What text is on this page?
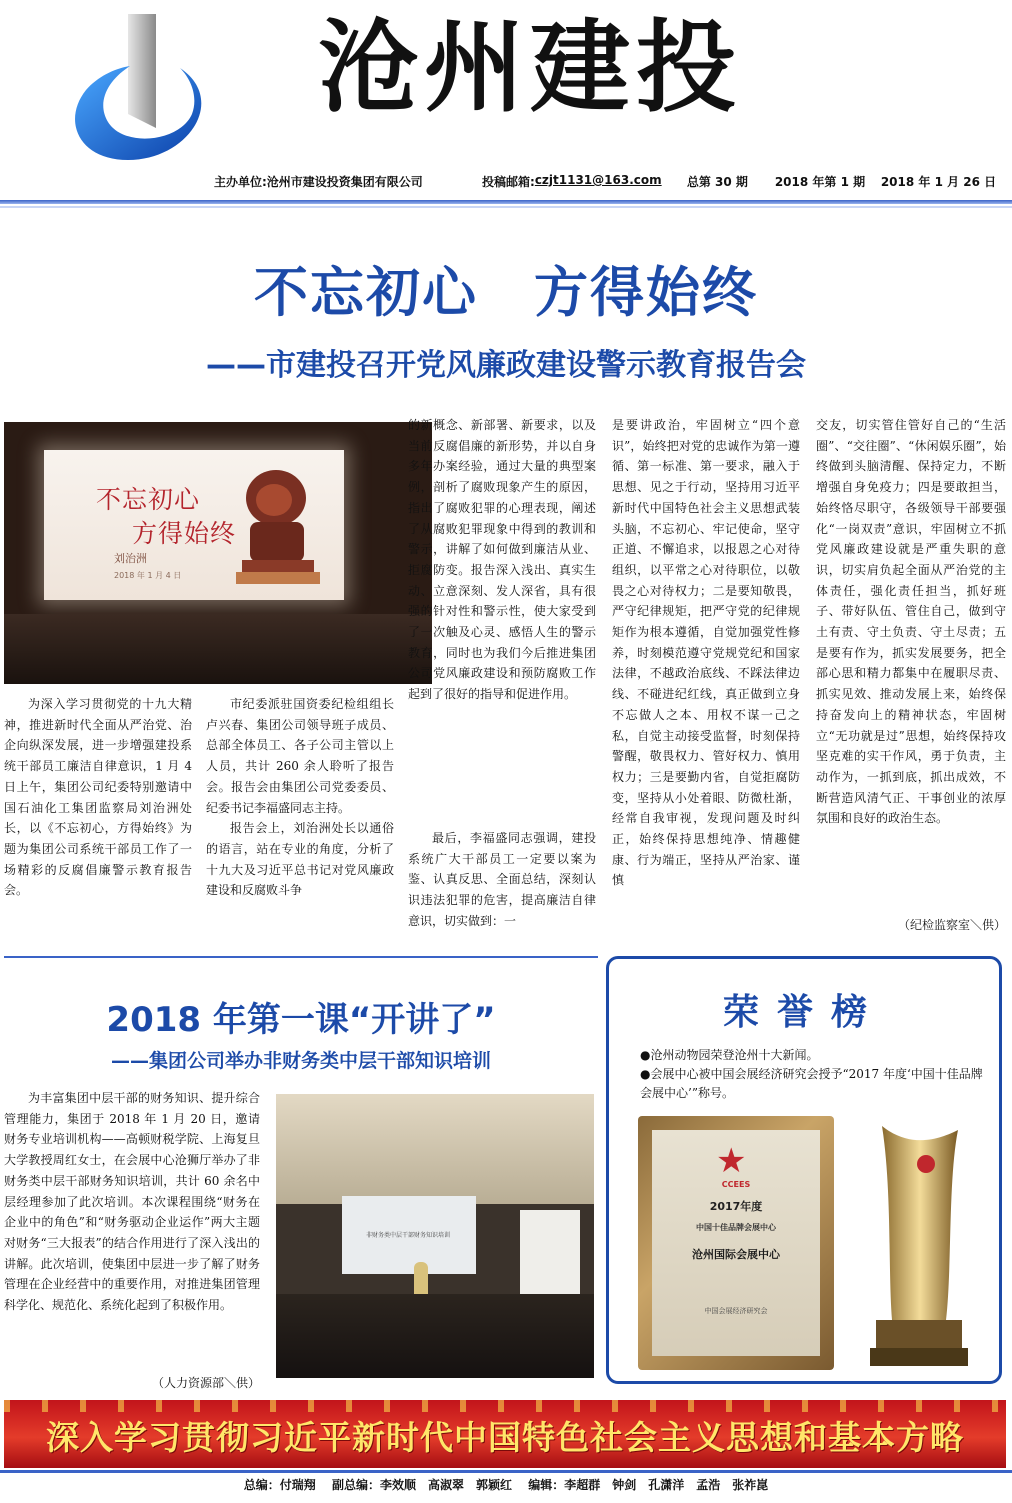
沧州建投
主办单位:沧州市建设投资集团有限公司	投稿邮箱: czjt1131@163.com	总第 30 期	2018 年第 1 期	2018 年 1 月 26 日
不忘初心　方得始终
——市建投召开党风廉政建设警示教育报告会
不忘初心
方得始终
刘治洲
2018 年 1 月 4 日

为深入学习贯彻党的十九大精神，推进新时代全面从严治党、治企向纵深发展，进一步增强建投系统干部员工廉洁自律意识，1 月 4 日上午，集团公司纪委特别邀请中国石油化工集团监察局刘治洲处长，以《不忘初心，方得始终》为题为集团公司系统干部员工作了一场精彩的反腐倡廉警示教育报告会。

市纪委派驻国资委纪检组组长卢兴春、集团公司领导班子成员、总部全体员工、各子公司主管以上人员，共计 260 余人聆听了报告会。报告会由集团公司党委委员、纪委书记李福盛同志主持。

报告会上，刘治洲处长以通俗的语言，站在专业的角度，分析了十九大及习近平总书记对党风廉政建设和反腐败斗争

的新概念、新部署、新要求，以及当前反腐倡廉的新形势，并以自身多年办案经验，通过大量的典型案例，剖析了腐败现象产生的原因，指出了腐败犯罪的心理表现，阐述了从腐败犯罪现象中得到的教训和警示，讲解了如何做到廉洁从业、拒腐防变。报告深入浅出、真实生动、立意深刻、发人深省，具有很强的针对性和警示性，使大家受到了一次触及心灵、感悟人生的警示教育，同时也为我们今后推进集团公司党风廉政建设和预防腐败工作起到了很好的指导和促进作用。

最后，李福盛同志强调，建投系统广大干部员工一定要以案为鉴、认真反思、全面总结，深刻认识违法犯罪的危害，提高廉洁自律意识，切实做到：一

是要讲政治，牢固树立“四个意识”，始终把对党的忠诚作为第一遵循、第一标准、第一要求，融入于思想、见之于行动，坚持用习近平新时代中国特色社会主义思想武装头脑，不忘初心、牢记使命，坚守正道、不懈追求，以报恩之心对待组织，以平常之心对待职位，以敬畏之心对待权力；二是要知敬畏，严守纪律规矩，把严守党的纪律规矩作为根本遵循，自觉加强党性修养，时刻模范遵守党规党纪和国家法律，不越政治底线、不踩法律边线、不碰进纪红线，真正做到立身不忘做人之本、用权不谋一己之私，自觉主动接受监督，时刻保持警醒，敬畏权力、管好权力、慎用权力；三是要勤内省，自觉拒腐防变，坚持从小处着眼、防微杜渐，经常自我审视，发现问题及时纠正，始终保持思想纯净、情趣健康、行为端正，坚持从严治家、谨慎

交友，切实管住管好自己的“生活圈”、“交往圈”、“休闲娱乐圈”，始终做到头脑清醒、保持定力，不断增强自身免疫力；四是要敢担当，始终恪尽职守，各级领导干部要强化“一岗双责”意识，牢固树立不抓党风廉政建设就是严重失职的意识，切实肩负起全面从严治党的主体责任，强化责任担当，抓好班子、带好队伍、管住自己，做到守土有责、守土负责、守土尽责；五是要有作为，抓实发展要务，把全部心思和精力都集中在履职尽责、抓实见效、推动发展上来，始终保持奋发向上的精神状态，牢固树立“无功就是过”思想，始终保持攻坚克难的实干作风，勇于负责，主动作为，一抓到底，抓出成效，不断营造风清气正、干事创业的浓厚氛围和良好的政治生态。

（纪检监察室＼供）
2018 年第一课“开讲了”
——集团公司举办非财务类中层干部知识培训

为丰富集团中层干部的财务知识、提升综合管理能力，集团于 2018 年 1 月 20 日，邀请财务专业培训机构——高顿财税学院、上海复旦大学教授周红女士，在会展中心沧狮厅举办了非财务类中层干部财务知识培训，共计 60 余名中层经理参加了此次培训。本次课程围绕“财务在企业中的角色”和“财务驱动企业运作”两大主题对财务“三大报表”的结合作用进行了深入浅出的讲解。此次培训，使集团中层进一步了解了财务管理在企业经营中的重要作用，对推进集团管理科学化、规范化、系统化起到了积极作用。

（人力资源部＼供）
非财务类中层干部财务知识培训
荣誉榜
●沧州动物园荣登沧州十大新闻。
●会展中心被中国会展经济研究会授予“2017 年度‘中国十佳品牌会展中心’”称号。
★
CCEES
2017年度
中国十佳品牌会展中心
沧州国际会展中心
中国会展经济研究会
深入学习贯彻习近平新时代中国特色社会主义思想和基本方略
总编：付瑞翔 副总编：李效顺　高淑翠　郭颖红 编辑：李超群　钟剑　孔潇洋　孟浩　张祚崑
